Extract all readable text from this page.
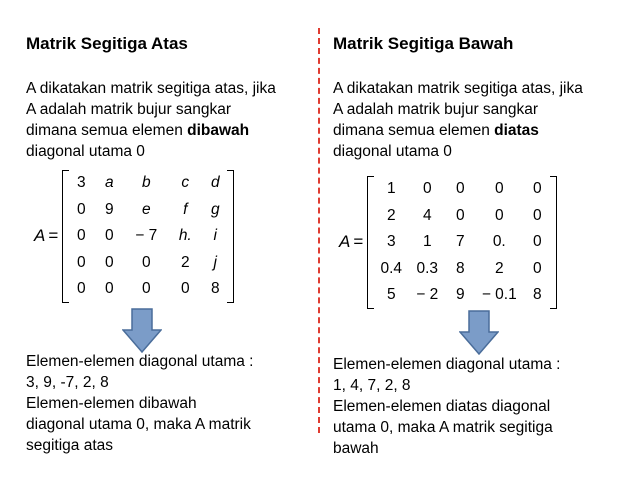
Matrik Segitiga Atas
A dikatakan matrik segitiga atas, jika
A adalah matrik bujur sangkar
dimana semua elemen dibawah
diagonal utama 0
A =
3	a	b	c	d
0	9	e	f	g
0	0	− 7	h.	i
0	0	0	2	j
0	0	0	0	8
Elemen-elemen diagonal utama :
3, 9, -7, 2, 8
Elemen-elemen dibawah
diagonal utama 0, maka A matrik
segitiga atas
Matrik Segitiga Bawah
A dikatakan matrik segitiga atas, jika
A adalah matrik bujur sangkar
dimana semua elemen diatas
diagonal utama 0
A =
1	0	0	0	0
2	4	0	0	0
3	1	7	0.	0
0.4	0.3	8	2	0
5	− 2	9	− 0.1	8
Elemen-elemen diagonal utama :
1, 4, 7, 2, 8
Elemen-elemen diatas diagonal
utama 0, maka A matrik segitiga
bawah
